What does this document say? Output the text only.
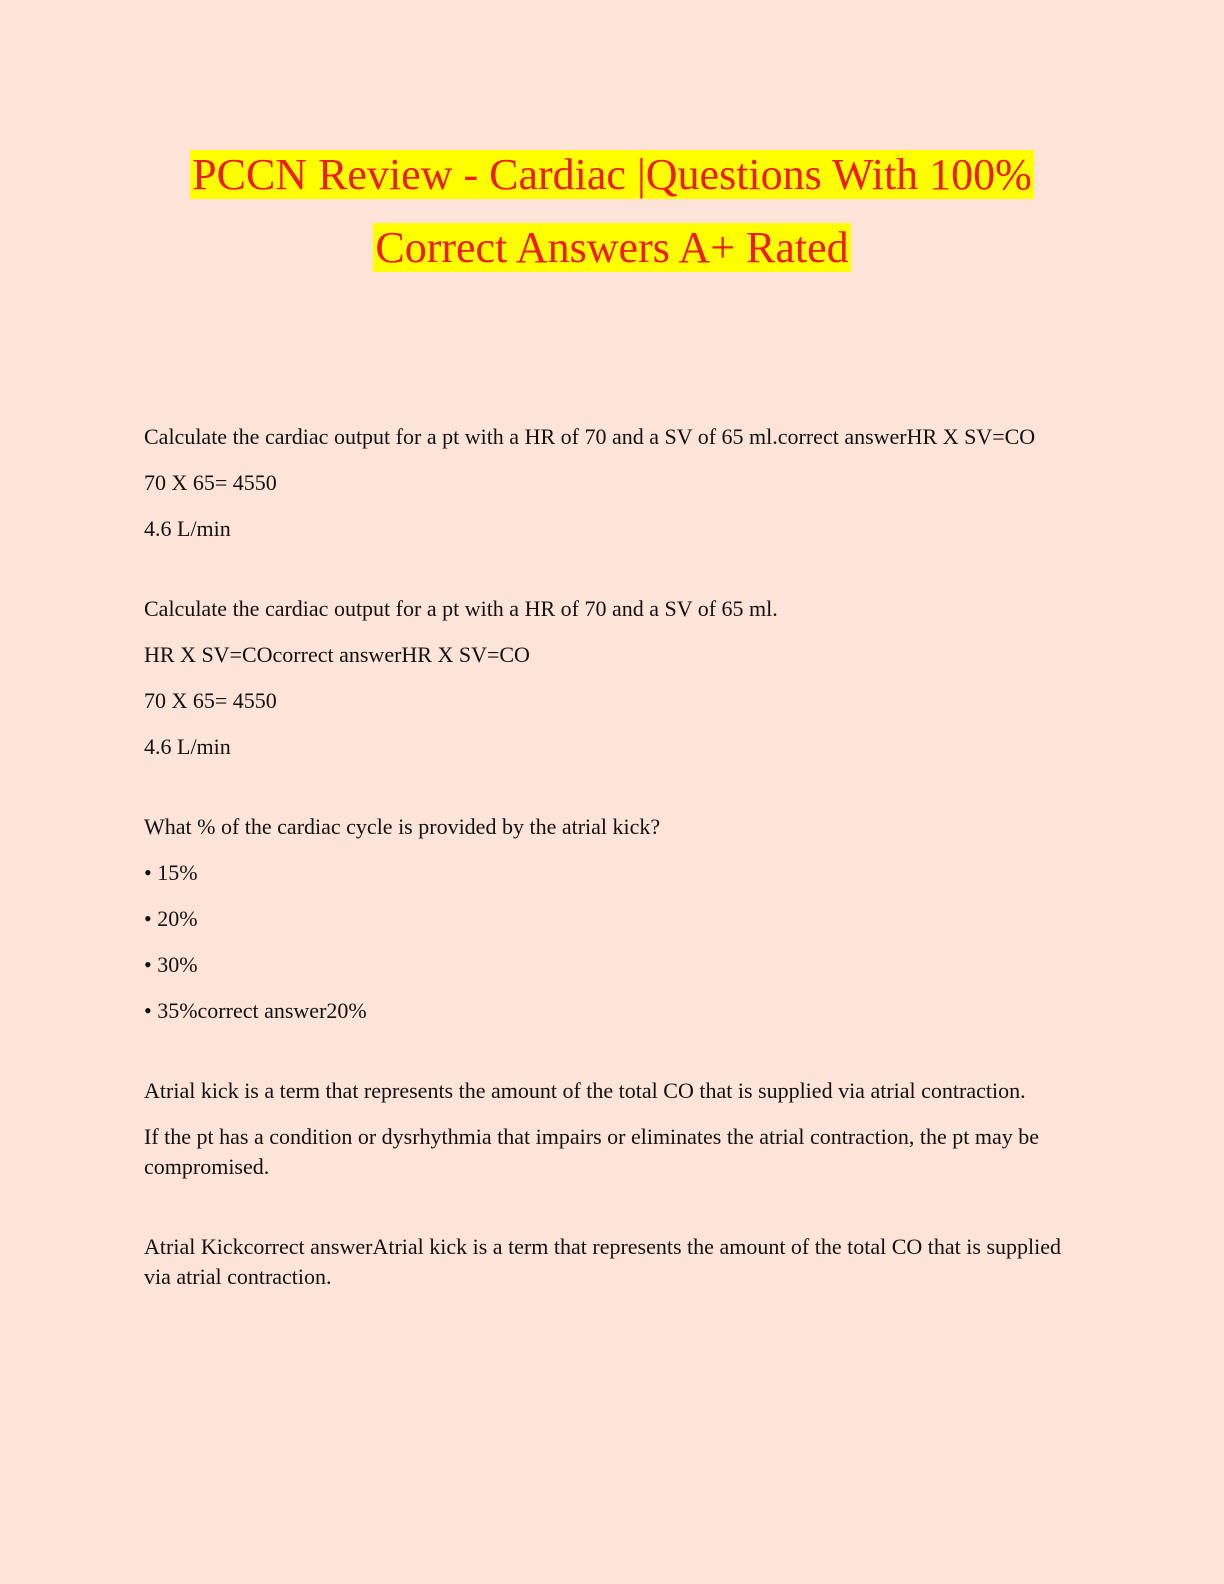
PCCN Review - Cardiac |Questions With 100%
Correct Answers A+ Rated

Calculate the cardiac output for a pt with a HR of 70 and a SV of 65 ml.correct answerHR X SV=CO

70 X 65= 4550

4.6 L/min

Calculate the cardiac output for a pt with a HR of 70 and a SV of 65 ml.

HR X SV=COcorrect answerHR X SV=CO

70 X 65= 4550

4.6 L/min

What % of the cardiac cycle is provided by the atrial kick?

• 15%

• 20%

• 30%

• 35%correct answer20%

Atrial kick is a term that represents the amount of the total CO that is supplied via atrial contraction.

If the pt has a condition or dysrhythmia that impairs or eliminates the atrial contraction, the pt may be compromised.

Atrial Kickcorrect answerAtrial kick is a term that represents the amount of the total CO that is supplied via atrial contraction.
